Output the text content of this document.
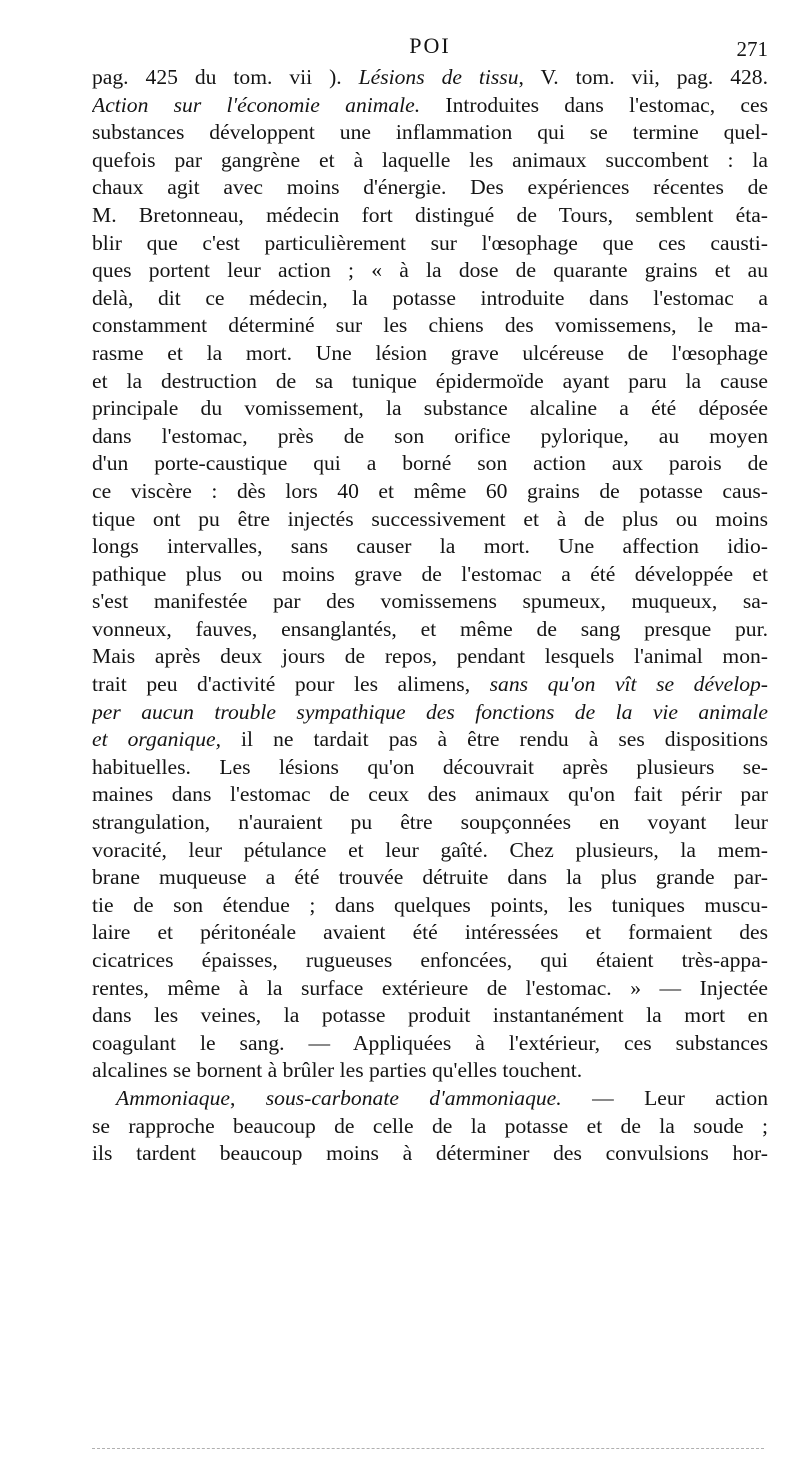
POI	271
pag. 425 du tom. vii ). Lésions de tissu, V. tom. vii, pag. 428.
Action sur l'économie animale. Introduites dans l'estomac, ces
substances développent une inflammation qui se termine quel-
quefois par gangrène et à laquelle les animaux succombent : la
chaux agit avec moins d'énergie. Des expériences récentes de
M. Bretonneau, médecin fort distingué de Tours, semblent éta-
blir que c'est particulièrement sur l'œsophage que ces causti-
ques portent leur action ; « à la dose de quarante grains et au
delà, dit ce médecin, la potasse introduite dans l'estomac a
constamment déterminé sur les chiens des vomissemens, le ma-
rasme et la mort. Une lésion grave ulcéreuse de l'œsophage
et la destruction de sa tunique épidermoïde ayant paru la cause
principale du vomissement, la substance alcaline a été déposée
dans l'estomac, près de son orifice pylorique, au moyen
d'un porte-caustique qui a borné son action aux parois de
ce viscère : dès lors 40 et même 60 grains de potasse caus-
tique ont pu être injectés successivement et à de plus ou moins
longs intervalles, sans causer la mort. Une affection idio-
pathique plus ou moins grave de l'estomac a été développée et
s'est manifestée par des vomissemens spumeux, muqueux, sa-
vonneux, fauves, ensanglantés, et même de sang presque pur.
Mais après deux jours de repos, pendant lesquels l'animal mon-
trait peu d'activité pour les alimens, sans qu'on vît se dévelop-
per aucun trouble sympathique des fonctions de la vie animale
et organique, il ne tardait pas à être rendu à ses dispositions
habituelles. Les lésions qu'on découvrait après plusieurs se-
maines dans l'estomac de ceux des animaux qu'on fait périr par
strangulation, n'auraient pu être soupçonnées en voyant leur
voracité, leur pétulance et leur gaîté. Chez plusieurs, la mem-
brane muqueuse a été trouvée détruite dans la plus grande par-
tie de son étendue ; dans quelques points, les tuniques muscu-
laire et péritonéale avaient été intéressées et formaient des
cicatrices épaisses, rugueuses enfoncées, qui étaient très-appa-
rentes, même à la surface extérieure de l'estomac. » — Injectée
dans les veines, la potasse produit instantanément la mort en
coagulant le sang. — Appliquées à l'extérieur, ces substances
alcalines se bornent à brûler les parties qu'elles touchent.
Ammoniaque, sous-carbonate d'ammoniaque. — Leur action
se rapproche beaucoup de celle de la potasse et de la soude ;
ils tardent beaucoup moins à déterminer des convulsions hor-
